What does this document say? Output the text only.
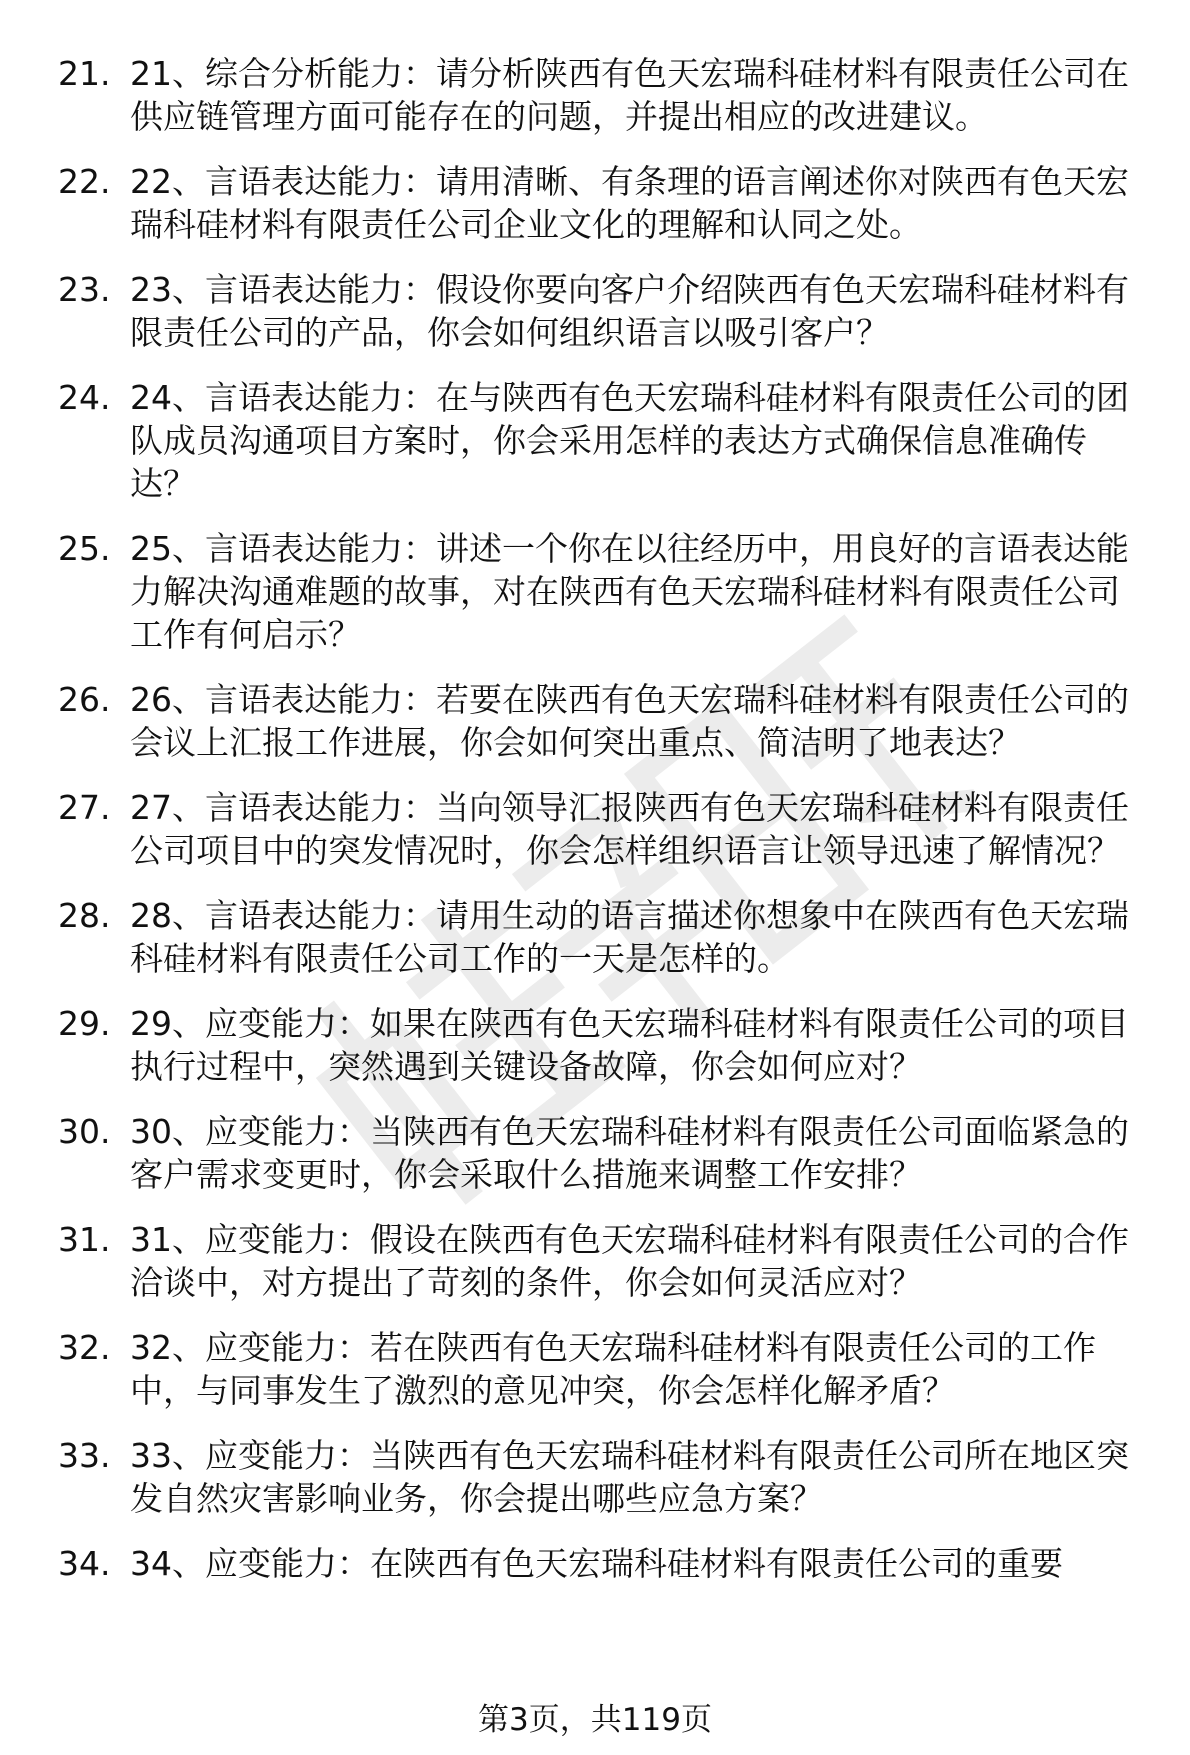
21. 21、综合分析能力：请分析陕西有色天宏瑞科硅材料有限责任公司在供应链管理方面可能存在的问题，并提出相应的改进建议。
22. 22、言语表达能力：请用清晰、有条理的语言阐述你对陕西有色天宏瑞科硅材料有限责任公司企业文化的理解和认同之处。
23. 23、言语表达能力：假设你要向客户介绍陕西有色天宏瑞科硅材料有限责任公司的产品，你会如何组织语言以吸引客户？
24. 24、言语表达能力：在与陕西有色天宏瑞科硅材料有限责任公司的团队成员沟通项目方案时，你会采用怎样的表达方式确保信息准确传达？
25. 25、言语表达能力：讲述一个你在以往经历中，用良好的言语表达能力解决沟通难题的故事，对在陕西有色天宏瑞科硅材料有限责任公司工作有何启示？
26. 26、言语表达能力：若要在陕西有色天宏瑞科硅材料有限责任公司的会议上汇报工作进展，你会如何突出重点、简洁明了地表达？
27. 27、言语表达能力：当向领导汇报陕西有色天宏瑞科硅材料有限责任公司项目中的突发情况时，你会怎样组织语言让领导迅速了解情况？
28. 28、言语表达能力：请用生动的语言描述你想象中在陕西有色天宏瑞科硅材料有限责任公司工作的一天是怎样的。
29. 29、应变能力：如果在陕西有色天宏瑞科硅材料有限责任公司的项目执行过程中，突然遇到关键设备故障，你会如何应对？
30. 30、应变能力：当陕西有色天宏瑞科硅材料有限责任公司面临紧急的客户需求变更时，你会采取什么措施来调整工作安排？
31. 31、应变能力：假设在陕西有色天宏瑞科硅材料有限责任公司的合作洽谈中，对方提出了苛刻的条件，你会如何灵活应对？
32. 32、应变能力：若在陕西有色天宏瑞科硅材料有限责任公司的工作中，与同事发生了激烈的意见冲突，你会怎样化解矛盾？
33. 33、应变能力：当陕西有色天宏瑞科硅材料有限责任公司所在地区突发自然灾害影响业务，你会提出哪些应急方案？
34. 34、应变能力：在陕西有色天宏瑞科硅材料有限责任公司的重要
第3页，共119页
